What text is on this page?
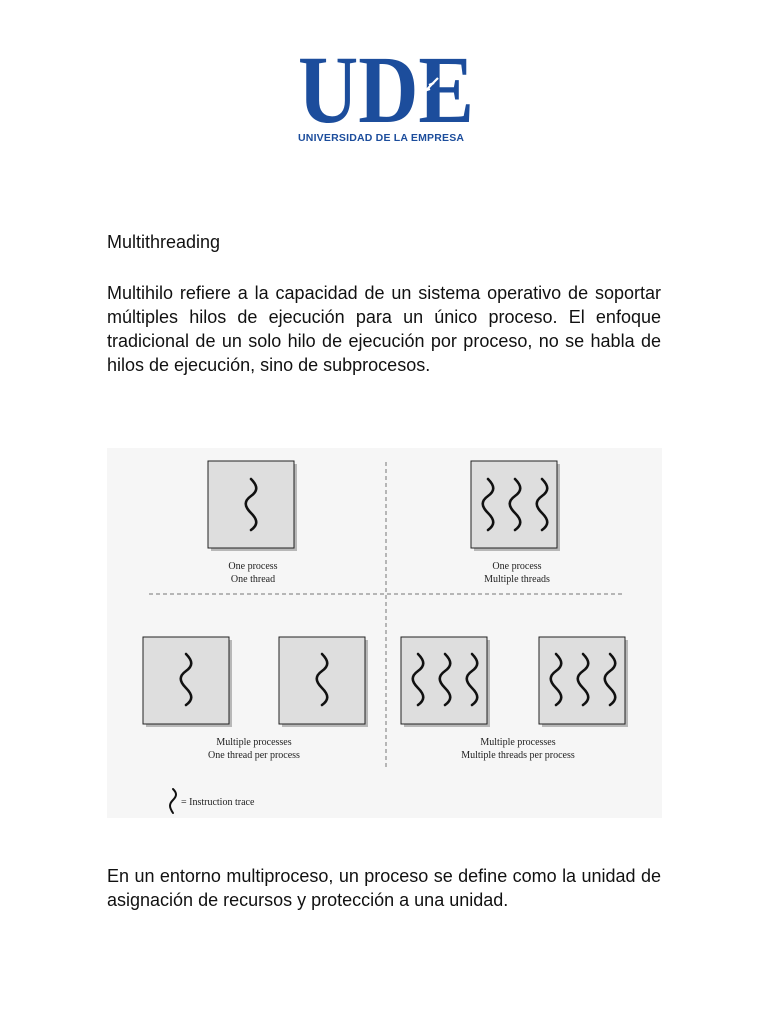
UDE
UNIVERSIDAD DE LA EMPRESA
Multithreading

Multihilo refiere a la capacidad de un sistema operativo de soportar múltiples hilos de ejecución para un único proceso. El enfoque tradicional de un solo hilo de ejecución por proceso, no se habla de hilos de ejecución, sino de subprocesos.

One process
One thread
One process
Multiple threads
Multiple processes
One thread per process
Multiple processes
Multiple threads per process
= Instruction trace

En un entorno multiproceso, un proceso se define como la unidad de asignación de recursos y protección a una unidad.
